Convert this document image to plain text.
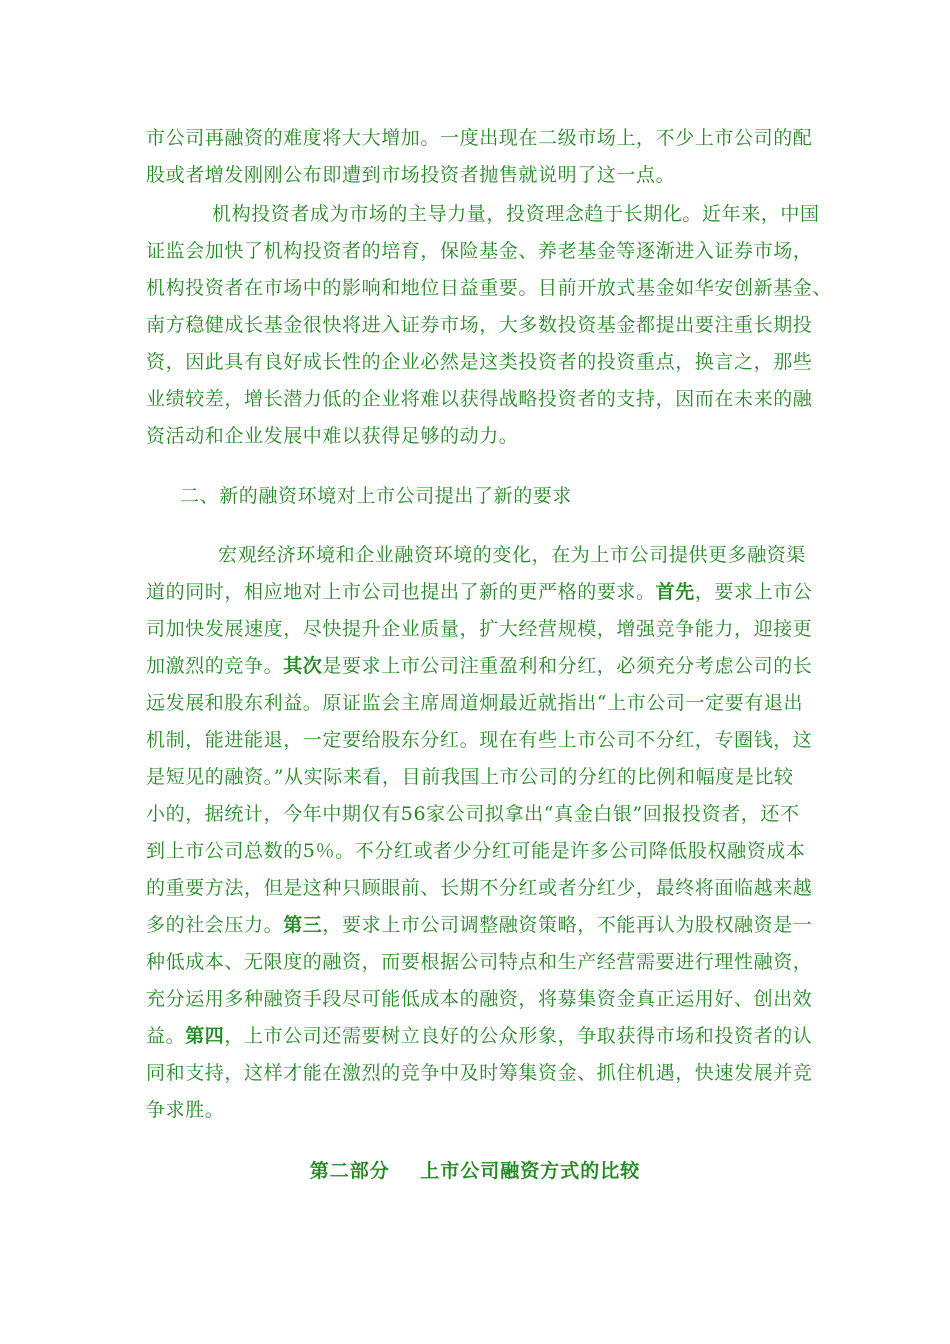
市公司再融资的难度将大大增加。一度出现在二级市场上，不少上市公司的配
股或者增发刚刚公布即遭到市场投资者抛售就说明了这一点。
机构投资者成为市场的主导力量，投资理念趋于长期化。近年来，中国
证监会加快了机构投资者的培育，保险基金、养老基金等逐渐进入证券市场，
机构投资者在市场中的影响和地位日益重要。目前开放式基金如华安创新基金、
南方稳健成长基金很快将进入证券市场，大多数投资基金都提出要注重长期投
资，因此具有良好成长性的企业必然是这类投资者的投资重点，换言之，那些
业绩较差，增长潜力低的企业将难以获得战略投资者的支持，因而在未来的融
资活动和企业发展中难以获得足够的动力。
二、新的融资环境对上市公司提出了新的要求
宏观经济环境和企业融资环境的变化，在为上市公司提供更多融资渠
道的同时，相应地对上市公司也提出了新的更严格的要求。首先，要求上市公
司加快发展速度，尽快提升企业质量，扩大经营规模，增强竞争能力，迎接更
加激烈的竞争。其次是要求上市公司注重盈利和分红，必须充分考虑公司的长
远发展和股东利益。原证监会主席周道炯最近就指出“上市公司一定要有退出
机制，能进能退，一定要给股东分红。现在有些上市公司不分红，专圈钱，这
是短见的融资。”从实际来看，目前我国上市公司的分红的比例和幅度是比较
小的，据统计，今年中期仅有56家公司拟拿出“真金白银”回报投资者，还不
到上市公司总数的5％。不分红或者少分红可能是许多公司降低股权融资成本
的重要方法，但是这种只顾眼前、长期不分红或者分红少，最终将面临越来越
多的社会压力。第三，要求上市公司调整融资策略，不能再认为股权融资是一
种低成本、无限度的融资，而要根据公司特点和生产经营需要进行理性融资，
充分运用多种融资手段尽可能低成本的融资，将募集资金真正运用好、创出效
益。第四，上市公司还需要树立良好的公众形象，争取获得市场和投资者的认
同和支持，这样才能在激烈的竞争中及时筹集资金、抓住机遇，快速发展并竞
争求胜。
第二部分    上市公司融资方式的比较
